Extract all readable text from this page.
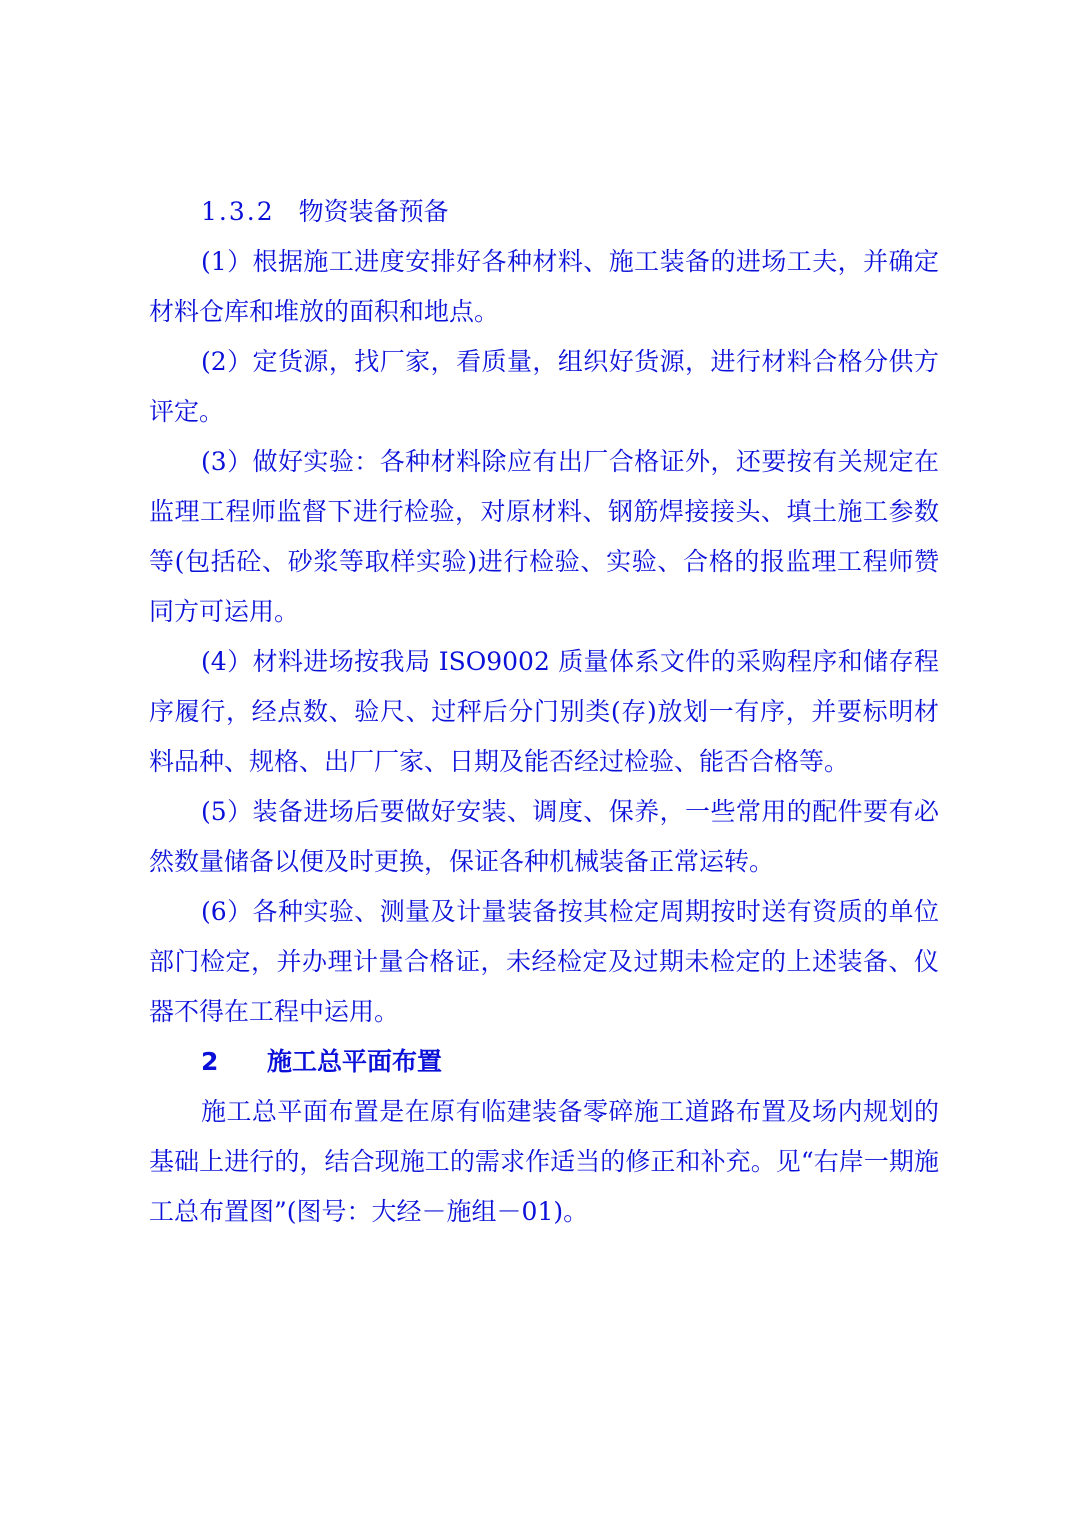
1.3.2 物资装备预备

(1）根据施工进度安排好各种材料、施工装备的进场工夫，并确定材料仓库和堆放的面积和地点。

(2）定货源，找厂家，看质量，组织好货源，进行材料合格分供方评定。

(3）做好实验：各种材料除应有出厂合格证外，还要按有关规定在监理工程师监督下进行检验，对原材料、钢筋焊接接头、填土施工参数等(包括砼、砂浆等取样实验)进行检验、实验、合格的报监理工程师赞同方可运用。

(4）材料进场按我局 ISO9002 质量体系文件的采购程序和储存程序履行，经点数、验尺、过秤后分门别类(存)放划一有序，并要标明材料品种、规格、出厂厂家、日期及能否经过检验、能否合格等。

(5）装备进场后要做好安装、调度、保养，一些常用的配件要有必然数量储备以便及时更换，保证各种机械装备正常运转。

(6）各种实验、测量及计量装备按其检定周期按时送有资质的单位部门检定，并办理计量合格证，未经检定及过期未检定的上述装备、仪器不得在工程中运用。

2 施工总平面布置

施工总平面布置是在原有临建装备零碎施工道路布置及场内规划的基础上进行的，结合现施工的需求作适当的修正和补充。见“右岸一期施工总布置图”(图号：大经－施组－01)。
